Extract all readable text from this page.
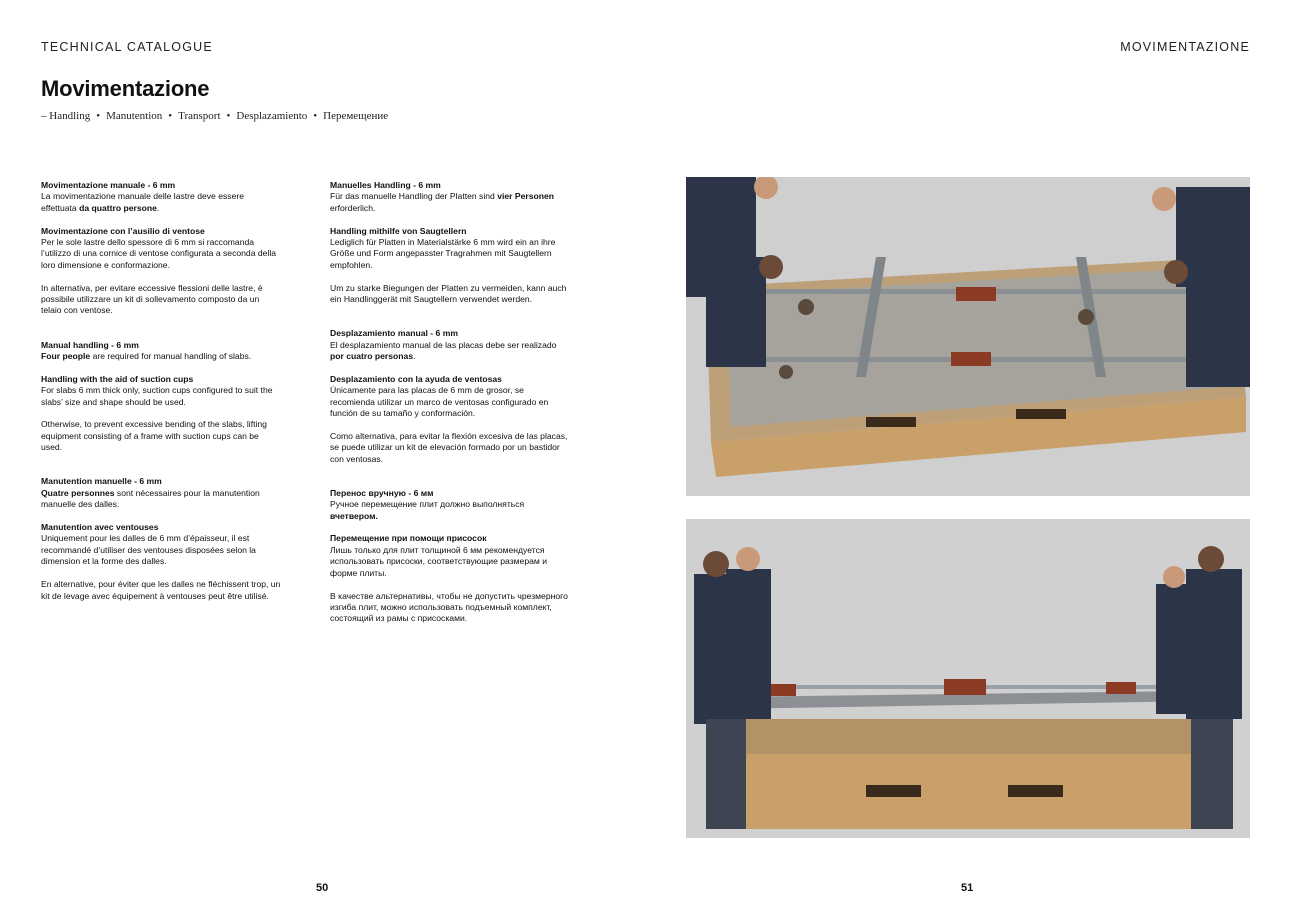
TECHNICAL CATALOGUE	MOVIMENTAZIONE
Movimentazione
– Handling • Manutention • Transport • Desplazamiento • Перемещение
Movimentazione manuale - 6 mm
La movimentazione manuale delle lastre deve essere effettuata da quattro persone.
Movimentazione con l’ausilio di ventose
Per le sole lastre dello spessore di 6 mm si raccomanda l’utilizzo di una cornice di ventose configurata a seconda della loro dimensione e conformazione.
In alternativa, per evitare eccessive flessioni delle lastre, è possibile utilizzare un kit di sollevamento composto da un telaio con ventose.
Manual handling - 6 mm
Four people are required for manual handling of slabs.
Handling with the aid of suction cups
For slabs 6 mm thick only, suction cups configured to suit the slabs’ size and shape should be used.
Otherwise, to prevent excessive bending of the slabs, lifting equipment consisting of a frame with suction cups can be used.
Manutention manuelle - 6 mm
Quatre personnes sont nécessaires pour la manutention manuelle des dalles.
Manutention avec ventouses
Uniquement pour les dalles de 6 mm d’épaisseur, il est recommandé d’utiliser des ventouses disposées selon la dimension et la forme des dalles.
En alternative, pour éviter que les dalles ne fléchissent trop, un kit de levage avec équipement à ventouses peut être utilisé.
Manuelles Handling - 6 mm
Für das manuelle Handling der Platten sind vier Personen erforderlich.
Handling mithilfe von Saugtellern
Lediglich für Platten in Materialstärke 6 mm wird ein an ihre Größe und Form angepasster Tragrahmen mit Saugtellern empfohlen.
Um zu starke Biegungen der Platten zu vermeiden, kann auch ein Handlinggerät mit Saugtellern verwendet werden.
Desplazamiento manual - 6 mm
El desplazamiento manual de las placas debe ser realizado por cuatro personas.
Desplazamiento con la ayuda de ventosas
Únicamente para las placas de 6 mm de grosor, se recomienda utilizar un marco de ventosas configurado en función de su tamaño y conformación.
Como alternativa, para evitar la flexión excesiva de las placas, se puede utilizar un kit de elevación formado por un bastidor con ventosas.
Перенос вручную - 6 мм
Ручное перемещение плит должно выполняться вчетвером.
Перемещение при помощи присосок
Лишь только для плит толщиной 6 мм рекомендуется использовать присоски, соответствующие размерам и форме плиты.
В качестве альтернативы, чтобы не допустить чрезмерного изгиба плит, можно использовать подъемный комплект, состоящий из рамы с присосками.
50	51
